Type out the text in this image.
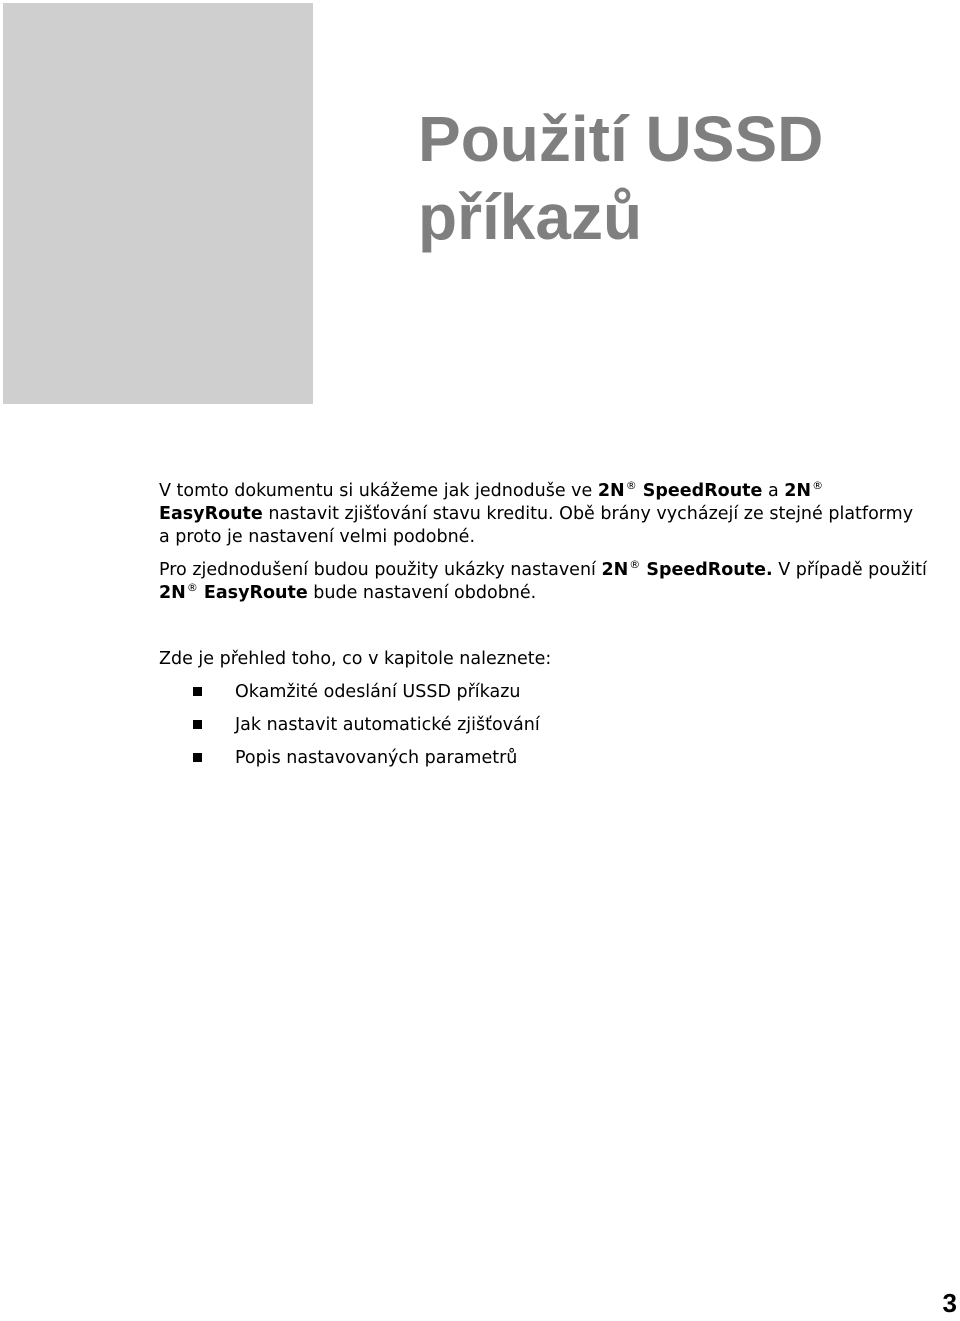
Použití USSD
příkazů

V tomto dokumentu si ukážeme jak jednoduše ve 2N® SpeedRoute a 2N® EasyRoute nastavit zjišťování stavu kreditu. Obě brány vycházejí ze stejné platformy a proto je nastavení velmi podobné.

Pro zjednodušení budou použity ukázky nastavení 2N® SpeedRoute. V případě použití 2N® EasyRoute bude nastavení obdobné.

Zde je přehled toho, co v kapitole naleznete:

Okamžité odeslání USSD příkazu
Jak nastavit automatické zjišťování
Popis nastavovaných parametrů
3
